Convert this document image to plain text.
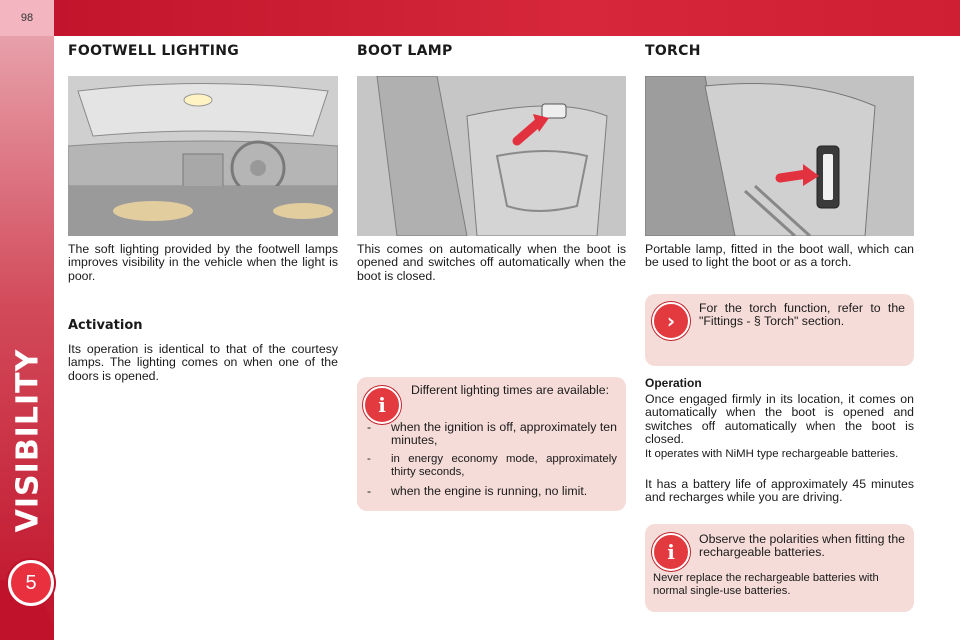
98
VISIBILITY
5
FOOTWELL LIGHTING
The soft lighting provided by the footwell lamps improves visibility in the vehicle when the light is poor.
Activation
Its operation is identical to that of the courtesy lamps. The lighting comes on when one of the doors is opened.
BOOT LAMP
This comes on automatically when the boot is opened and switches off automatically when the boot is closed.
i
Different lighting times are available:
- when the ignition is off, approximately ten minutes,
- in energy economy mode, approximately thirty seconds,
- when the engine is running, no limit.
TORCH
Portable lamp, fitted in the boot wall, which can be used to light the boot or as a torch.
›
For the torch function, refer to the "Fittings - § Torch" section.
Operation
Once engaged firmly in its location, it comes on automatically when the boot is opened and switches off automatically when the boot is closed.
It operates with NiMH type rechargeable batteries.
It has a battery life of approximately 45 minutes and recharges while you are driving.
i
Observe the polarities when fitting the rechargeable batteries.
Never replace the rechargeable batteries with normal single-use batteries.
